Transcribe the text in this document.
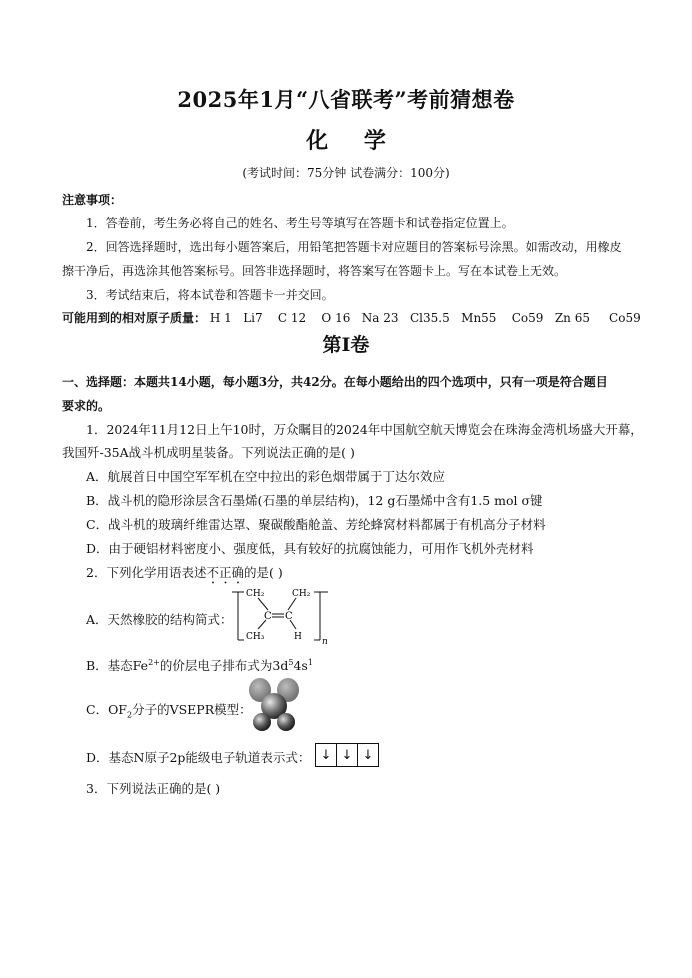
2025年1月“八省联考”考前猜想卷
化 学
(考试时间：75分钟 试卷满分：100分)
注意事项：
1．答卷前，考生务必将自己的姓名、考生号等填写在答题卡和试卷指定位置上。
2．回答选择题时，选出每小题答案后，用铅笔把答题卡对应题目的答案标号涂黑。如需改动，用橡皮
擦干净后，再选涂其他答案标号。回答非选择题时，将答案写在答题卡上。写在本试卷上无效。
3．考试结束后，将本试卷和答题卡一并交回。
可能用到的相对原子质量： H 1   Li7    C 12    O 16   Na 23   Cl35.5   Mn55    Co59   Zn 65     Co59
第Ⅰ卷
一、选择题：本题共14小题，每小题3分，共42分。在每小题给出的四个选项中，只有一项是符合题目
要求的。
1．2024年11月12日上午10时，万众瞩目的2024年中国航空航天博览会在珠海金湾机场盛大开幕，
我国歼-35A战斗机成明星装备。下列说法正确的是( )
A．航展首日中国空军军机在空中拉出的彩色烟带属于丁达尔效应
B．战斗机的隐形涂层含石墨烯(石墨的单层结构)，12 g石墨烯中含有1.5 mol σ键
C．战斗机的玻璃纤维雷达罩、聚碳酸酯舱盖、芳纶蜂窝材料都属于有机高分子材料
D．由于硬铝材料密度小、强度低，具有较好的抗腐蚀能力，可用作飞机外壳材料
2．下列化学用语表述不正确的是( )
A．天然橡胶的结构简式：
CH₂	CH₂
C C
CH₃	H n
B．基态$Fe^{2+}$的价层电子排布式为$3d^54s^1$
C．$OF_2$分子的VSEPR模型：
D．基态N原子2p能级电子轨道表示式： ↓ ↓ ↓
3．下列说法正确的是( )
